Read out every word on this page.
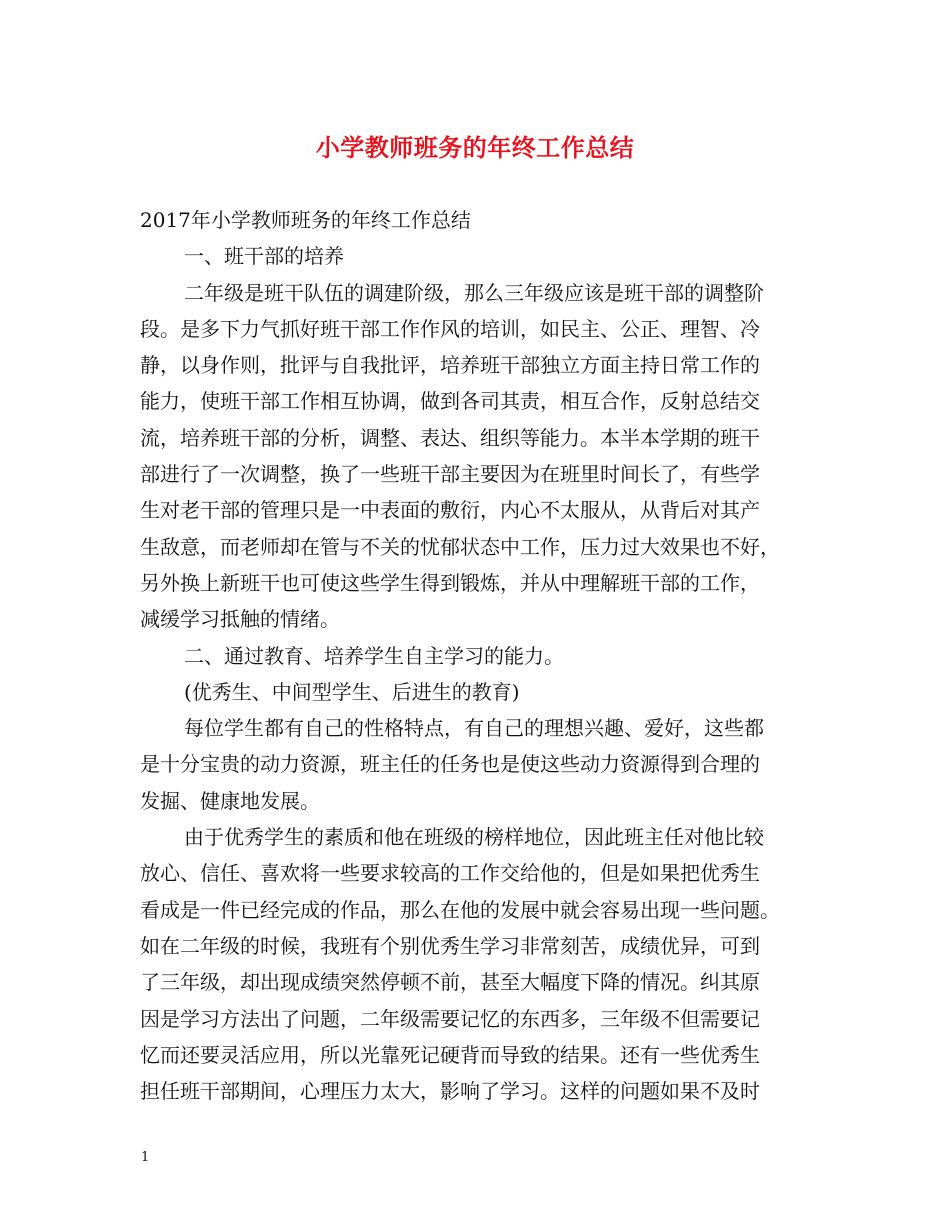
小学教师班务的年终工作总结
2017年小学教师班务的年终工作总结
一、班干部的培养
二年级是班干队伍的调建阶级，那么三年级应该是班干部的调整阶
段。是多下力气抓好班干部工作作风的培训，如民主、公正、理智、冷
静，以身作则，批评与自我批评，培养班干部独立方面主持日常工作的
能力，使班干部工作相互协调，做到各司其责，相互合作，反射总结交
流，培养班干部的分析，调整、表达、组织等能力。本半本学期的班干
部进行了一次调整，换了一些班干部主要因为在班里时间长了，有些学
生对老干部的管理只是一中表面的敷衍，内心不太服从，从背后对其产
生敌意，而老师却在管与不关的忧郁状态中工作，压力过大效果也不好，
另外换上新班干也可使这些学生得到锻炼，并从中理解班干部的工作，
减缓学习抵触的情绪。
二、通过教育、培养学生自主学习的能力。
(优秀生、中间型学生、后进生的教育)
每位学生都有自己的性格特点，有自己的理想兴趣、爱好，这些都
是十分宝贵的动力资源，班主任的任务也是使这些动力资源得到合理的
发掘、健康地发展。
由于优秀学生的素质和他在班级的榜样地位，因此班主任对他比较
放心、信任、喜欢将一些要求较高的工作交给他的，但是如果把优秀生
看成是一件已经完成的作品，那么在他的发展中就会容易出现一些问题。
如在二年级的时候，我班有个别优秀生学习非常刻苦，成绩优异，可到
了三年级，却出现成绩突然停顿不前，甚至大幅度下降的情况。纠其原
因是学习方法出了问题，二年级需要记忆的东西多，三年级不但需要记
忆而还要灵活应用，所以光靠死记硬背而导致的结果。还有一些优秀生
担任班干部期间，心理压力太大，影响了学习。这样的问题如果不及时
1
